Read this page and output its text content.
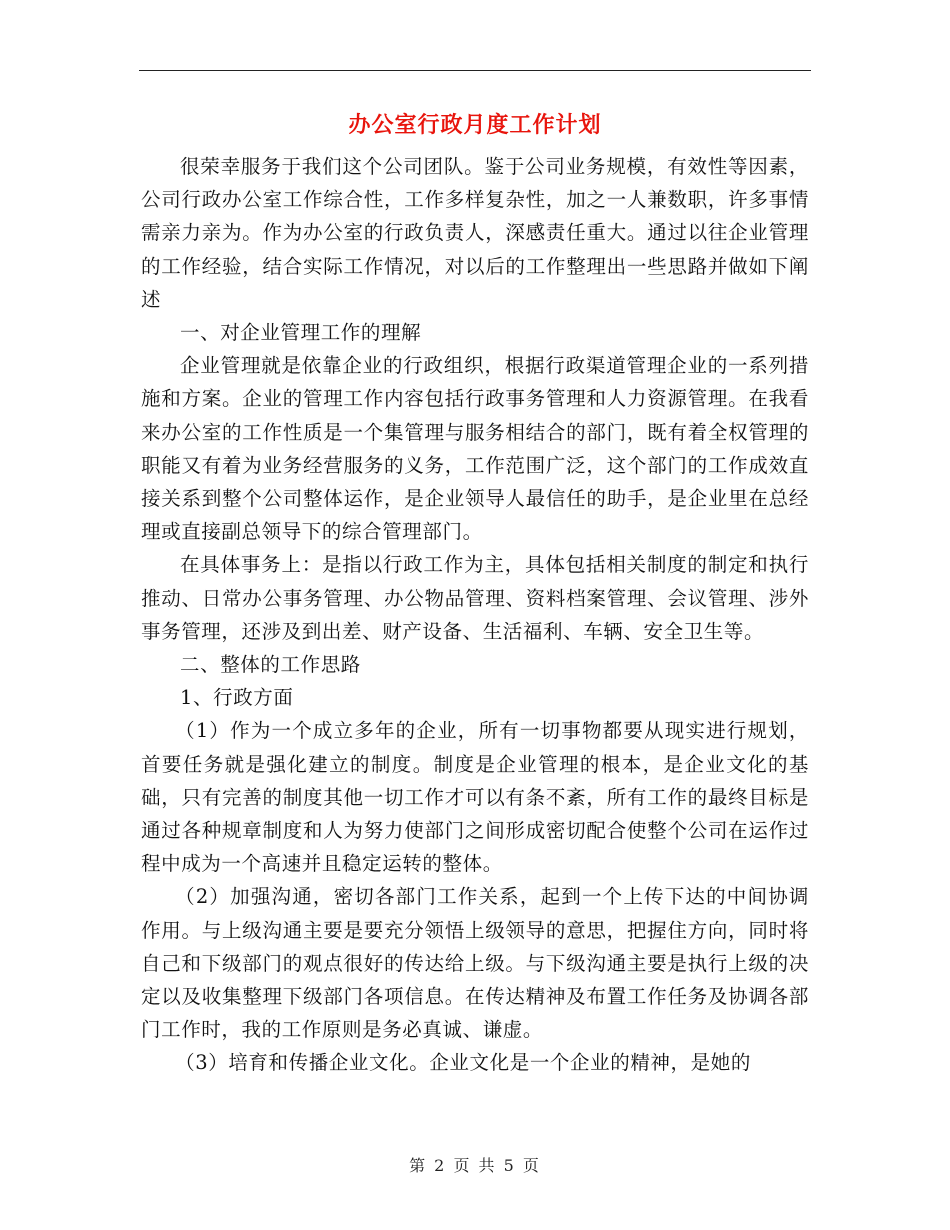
办公室行政月度工作计划

很荣幸服务于我们这个公司团队。鉴于公司业务规模，有效性等因素，公司行政办公室工作综合性，工作多样复杂性，加之一人兼数职，许多事情需亲力亲为。作为办公室的行政负责人，深感责任重大。通过以往企业管理的工作经验，结合实际工作情况，对以后的工作整理出一些思路并做如下阐述

一、对企业管理工作的理解

企业管理就是依靠企业的行政组织，根据行政渠道管理企业的一系列措施和方案。企业的管理工作内容包括行政事务管理和人力资源管理。在我看来办公室的工作性质是一个集管理与服务相结合的部门，既有着全权管理的职能又有着为业务经营服务的义务，工作范围广泛，这个部门的工作成效直接关系到整个公司整体运作，是企业领导人最信任的助手，是企业里在总经理或直接副总领导下的综合管理部门。

在具体事务上：是指以行政工作为主，具体包括相关制度的制定和执行推动、日常办公事务管理、办公物品管理、资料档案管理、会议管理、涉外事务管理，还涉及到出差、财产设备、生活福利、车辆、安全卫生等。

二、整体的工作思路

1、行政方面

（1）作为一个成立多年的企业，所有一切事物都要从现实进行规划，首要任务就是强化建立的制度。制度是企业管理的根本，是企业文化的基础，只有完善的制度其他一切工作才可以有条不紊，所有工作的最终目标是通过各种规章制度和人为努力使部门之间形成密切配合使整个公司在运作过程中成为一个高速并且稳定运转的整体。

（2）加强沟通，密切各部门工作关系，起到一个上传下达的中间协调作用。与上级沟通主要是要充分领悟上级领导的意思，把握住方向，同时将自己和下级部门的观点很好的传达给上级。与下级沟通主要是执行上级的决定以及收集整理下级部门各项信息。在传达精神及布置工作任务及协调各部门工作时，我的工作原则是务必真诚、谦虚。

（3）培育和传播企业文化。企业文化是一个企业的精神，是她的

第 2 页 共 5 页
